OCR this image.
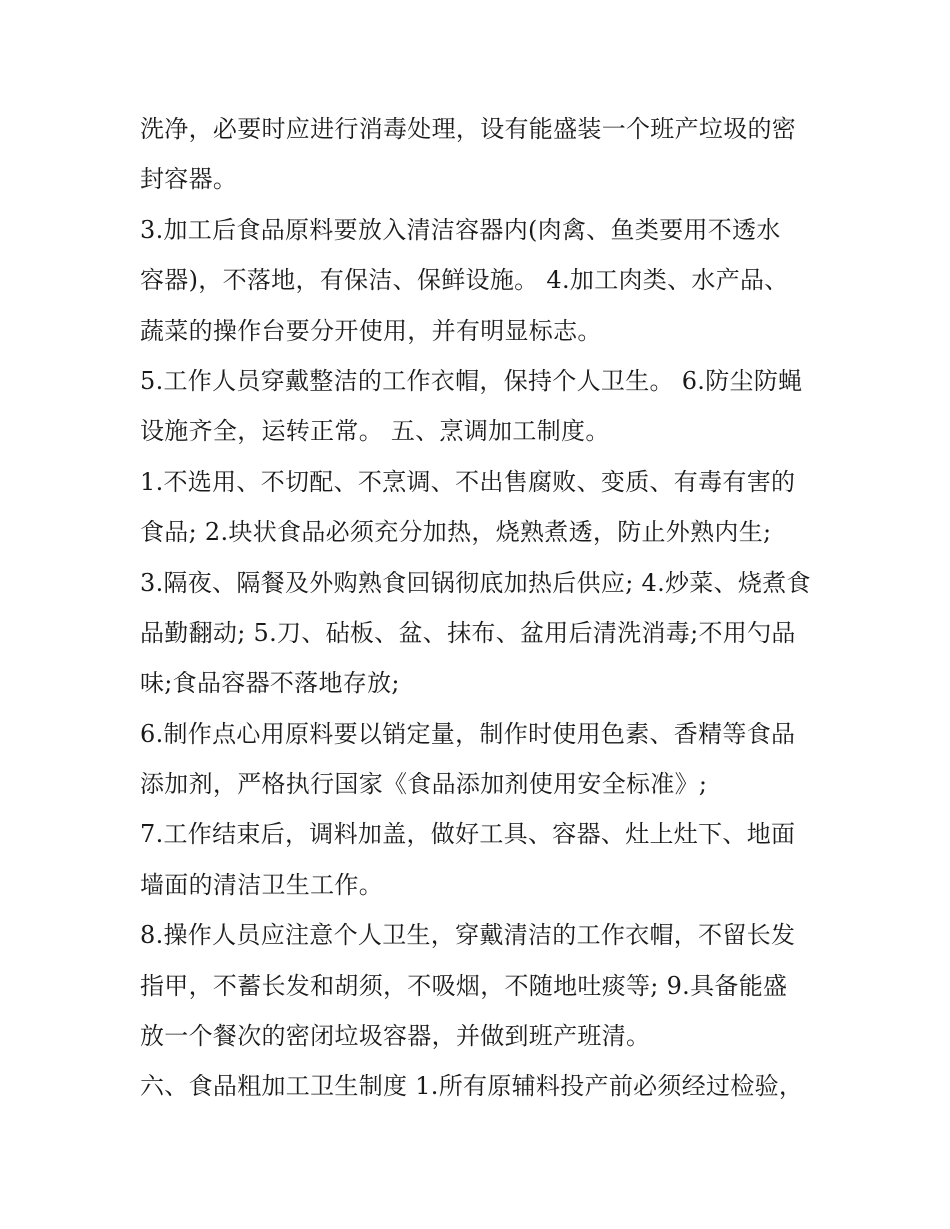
洗净，必要时应进行消毒处理，设有能盛装一个班产垃圾的密
封容器。
3.加工后食品原料要放入清洁容器内(肉禽、鱼类要用不透水
容器)，不落地，有保洁、保鲜设施。 4.加工肉类、水产品、
蔬菜的操作台要分开使用，并有明显标志。
5.工作人员穿戴整洁的工作衣帽，保持个人卫生。 6.防尘防蝇
设施齐全，运转正常。 五、烹调加工制度。
1.不选用、不切配、不烹调、不出售腐败、变质、有毒有害的
食品; 2.块状食品必须充分加热，烧熟煮透，防止外熟内生;
3.隔夜、隔餐及外购熟食回锅彻底加热后供应; 4.炒菜、烧煮食
品勤翻动; 5.刀、砧板、盆、抹布、盆用后清洗消毒;不用勺品
味;食品容器不落地存放;
6.制作点心用原料要以销定量，制作时使用色素、香精等食品
添加剂，严格执行国家《食品添加剂使用安全标准》;
7.工作结束后，调料加盖，做好工具、容器、灶上灶下、地面
墙面的清洁卫生工作。
8.操作人员应注意个人卫生，穿戴清洁的工作衣帽，不留长发
指甲，不蓄长发和胡须，不吸烟，不随地吐痰等; 9.具备能盛
放一个餐次的密闭垃圾容器，并做到班产班清。
六、食品粗加工卫生制度 1.所有原辅料投产前必须经过检验，
